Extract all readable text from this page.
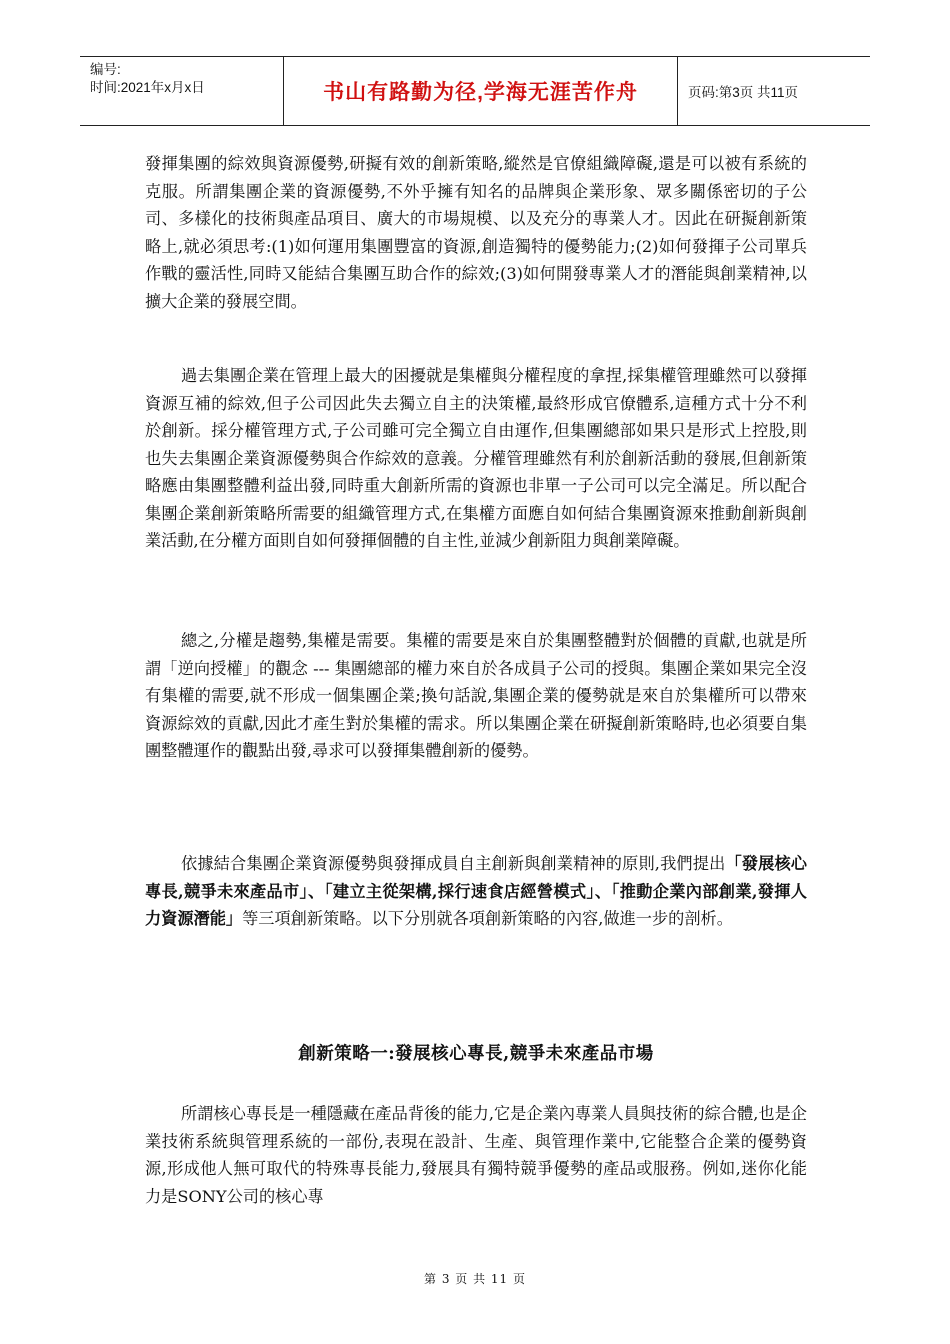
编号:
时间:2021年x月x日	书山有路勤为径,学海无涯苦作舟	页码:第3页 共11页

發揮集團的綜效與資源優勢,研擬有效的創新策略,縱然是官僚組織障礙,還是可以被有系統的克服。所謂集團企業的資源優勢,不外乎擁有知名的品牌與企業形象、眾多關係密切的子公司、多樣化的技術與產品項目、廣大的市場規模、以及充分的專業人才。因此在研擬創新策略上,就必須思考:(1)如何運用集團豐富的資源,創造獨特的優勢能力;(2)如何發揮子公司單兵作戰的靈活性,同時又能結合集團互助合作的綜效;(3)如何開發專業人才的潛能與創業精神,以擴大企業的發展空間。

過去集團企業在管理上最大的困擾就是集權與分權程度的拿捏,採集權管理雖然可以發揮資源互補的綜效,但子公司因此失去獨立自主的決策權,最終形成官僚體系,這種方式十分不利於創新。採分權管理方式,子公司雖可完全獨立自由運作,但集團總部如果只是形式上控股,則也失去集團企業資源優勢與合作綜效的意義。分權管理雖然有利於創新活動的發展,但創新策略應由集團整體利益出發,同時重大創新所需的資源也非單一子公司可以完全滿足。所以配合集團企業創新策略所需要的組織管理方式,在集權方面應自如何結合集團資源來推動創新與創業活動,在分權方面則自如何發揮個體的自主性,並減少創新阻力與創業障礙。

總之,分權是趨勢,集權是需要。集權的需要是來自於集團整體對於個體的貢獻,也就是所謂「逆向授權」的觀念 --- 集團總部的權力來自於各成員子公司的授與。集團企業如果完全沒有集權的需要,就不形成一個集團企業;換句話說,集團企業的優勢就是來自於集權所可以帶來資源綜效的貢獻,因此才產生對於集權的需求。所以集團企業在研擬創新策略時,也必須要自集團整體運作的觀點出發,尋求可以發揮集體創新的優勢。

依據結合集團企業資源優勢與發揮成員自主創新與創業精神的原則,我們提出「發展核心專長,競爭未來產品市」、「建立主從架構,採行速食店經營模式」、「推動企業內部創業,發揮人力資源潛能」等三項創新策略。以下分別就各項創新策略的內容,做進一步的剖析。

創新策略一:發展核心專長,競爭未來產品市場

所謂核心專長是一種隱藏在產品背後的能力,它是企業內專業人員與技術的綜合體,也是企業技術系統與管理系統的一部份,表現在設計、生產、與管理作業中,它能整合企業的優勢資源,形成他人無可取代的特殊專長能力,發展具有獨特競爭優勢的產品或服務。例如,迷你化能力是SONY公司的核心專

第 3 页 共 11 页
